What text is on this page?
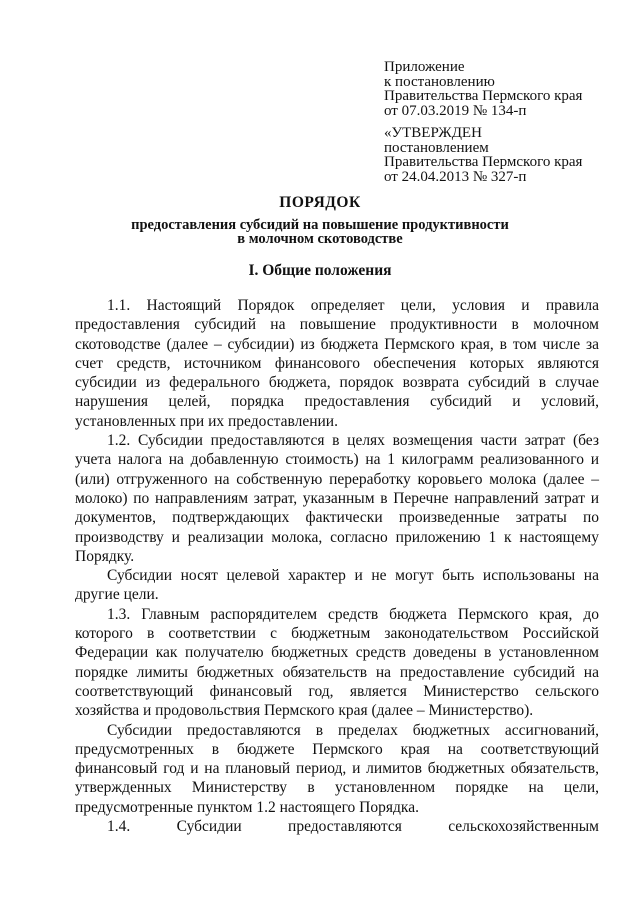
Приложение
к постановлению
Правительства Пермского края
от 07.03.2019 № 134-п
«УТВЕРЖДЕН
постановлением
Правительства Пермского края
от 24.04.2013 № 327-п
ПОРЯДОК
предоставления субсидий на повышение продуктивности
в молочном скотоводстве
I. Общие положения

1.1. Настоящий Порядок определяет цели, условия и правила предоставления субсидий на повышение продуктивности в молочном скотоводстве (далее – субсидии) из бюджета Пермского края, в том числе за счет средств, источником финансового обеспечения которых являются субсидии из федерального бюджета, порядок возврата субсидий в случае нарушения целей, порядка предоставления субсидий и условий, установленных при их предоставлении.

1.2. Субсидии предоставляются в целях возмещения части затрат (без учета налога на добавленную стоимость) на 1 килограмм реализованного и (или) отгруженного на собственную переработку коровьего молока (далее – молоко) по направлениям затрат, указанным в Перечне направлений затрат и документов, подтверждающих фактически произведенные затраты по производству и реализации молока, согласно приложению 1 к настоящему Порядку.

Субсидии носят целевой характер и не могут быть использованы на другие цели.

1.3. Главным распорядителем средств бюджета Пермского края, до которого в соответствии с бюджетным законодательством Российской Федерации как получателю бюджетных средств доведены в установленном порядке лимиты бюджетных обязательств на предоставление субсидий на соответствующий финансовый год, является Министерство сельского хозяйства и продовольствия Пермского края (далее – Министерство).

Субсидии предоставляются в пределах бюджетных ассигнований, предусмотренных в бюджете Пермского края на соответствующий финансовый год и на плановый период, и лимитов бюджетных обязательств, утвержденных Министерству в установленном порядке на цели, предусмотренные пунктом 1.2 настоящего Порядка.

1.4. Субсидии предоставляются сельскохозяйственным
